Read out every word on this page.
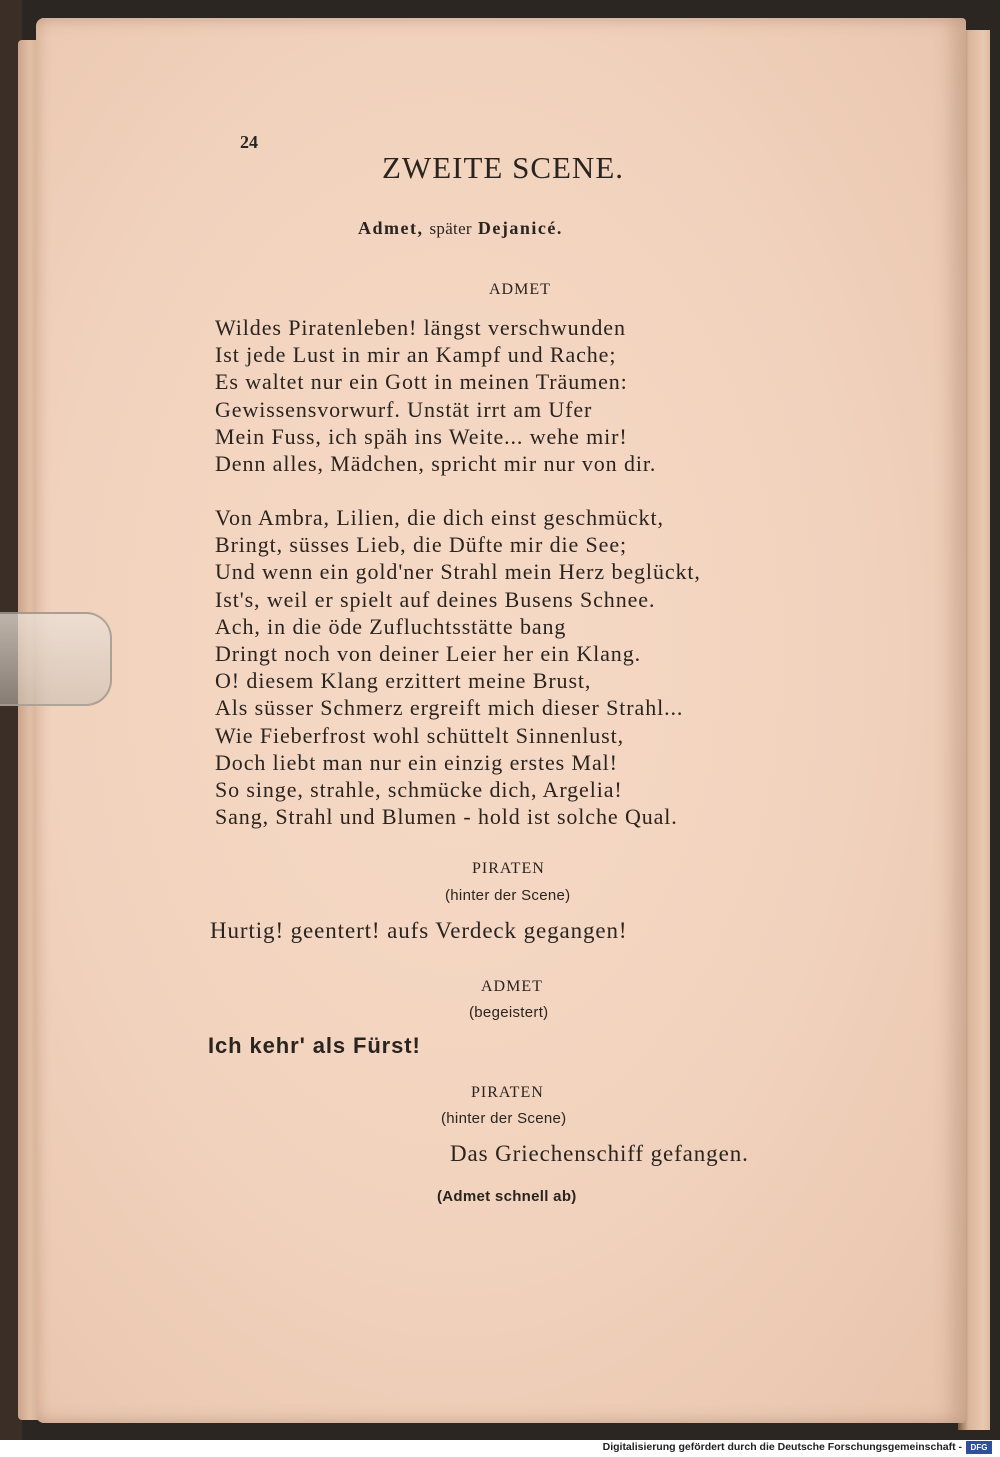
24
ZWEITE SCENE.
Admet, später Dejanicé.
ADMET
Wildes Piratenleben! längst verschwunden
Ist jede Lust in mir an Kampf und Rache;
Es waltet nur ein Gott in meinen Träumen:
Gewissensvorwurf. Unstät irrt am Ufer
Mein Fuss, ich späh ins Weite... wehe mir!
Denn alles, Mädchen, spricht mir nur von dir.
Von Ambra, Lilien, die dich einst geschmückt,
Bringt, süsses Lieb, die Düfte mir die See;
Und wenn ein gold'ner Strahl mein Herz beglückt,
Ist's, weil er spielt auf deines Busens Schnee.
Ach, in die öde Zufluchtsstätte bang
Dringt noch von deiner Leier her ein Klang.
O! diesem Klang erzittert meine Brust,
Als süsser Schmerz ergreift mich dieser Strahl...
Wie Fieberfrost wohl schüttelt Sinnenlust,
Doch liebt man nur ein einzig erstes Mal!
So singe, strahle, schmücke dich, Argelia!
Sang, Strahl und Blumen - hold ist solche Qual.
PIRATEN
(hinter der Scene)
Hurtig! geentert! aufs Verdeck gegangen!
ADMET
(begeistert)
Ich kehr' als Fürst!
PIRATEN
(hinter der Scene)
Das Griechenschiff gefangen.
(Admet schnell ab)
Digitalisierung gefördert durch die Deutsche Forschungsgemeinschaft -	DFG
